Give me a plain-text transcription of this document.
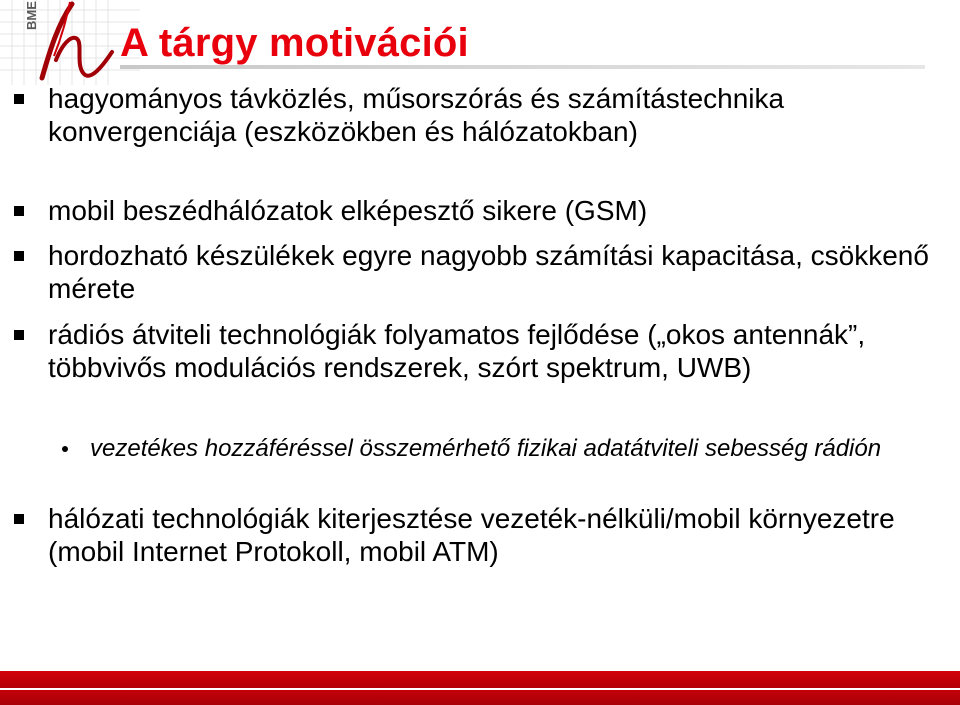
BME
A tárgy motivációi
hagyományos távközlés, műsorszórás és számítástechnika konvergenciája (eszközökben és hálózatokban)
mobil beszédhálózatok elképesztő sikere (GSM)
hordozható készülékek egyre nagyobb számítási kapacitása, csökkenő mérete
rádiós átviteli technológiák folyamatos fejlődése („okos antennák”, többvivős modulációs rendszerek, szórt spektrum, UWB)
vezetékes hozzáféréssel összemérhető fizikai adatátviteli sebesség rádión
hálózati technológiák kiterjesztése vezeték-nélküli/mobil környezetre (mobil Internet Protokoll, mobil ATM)
